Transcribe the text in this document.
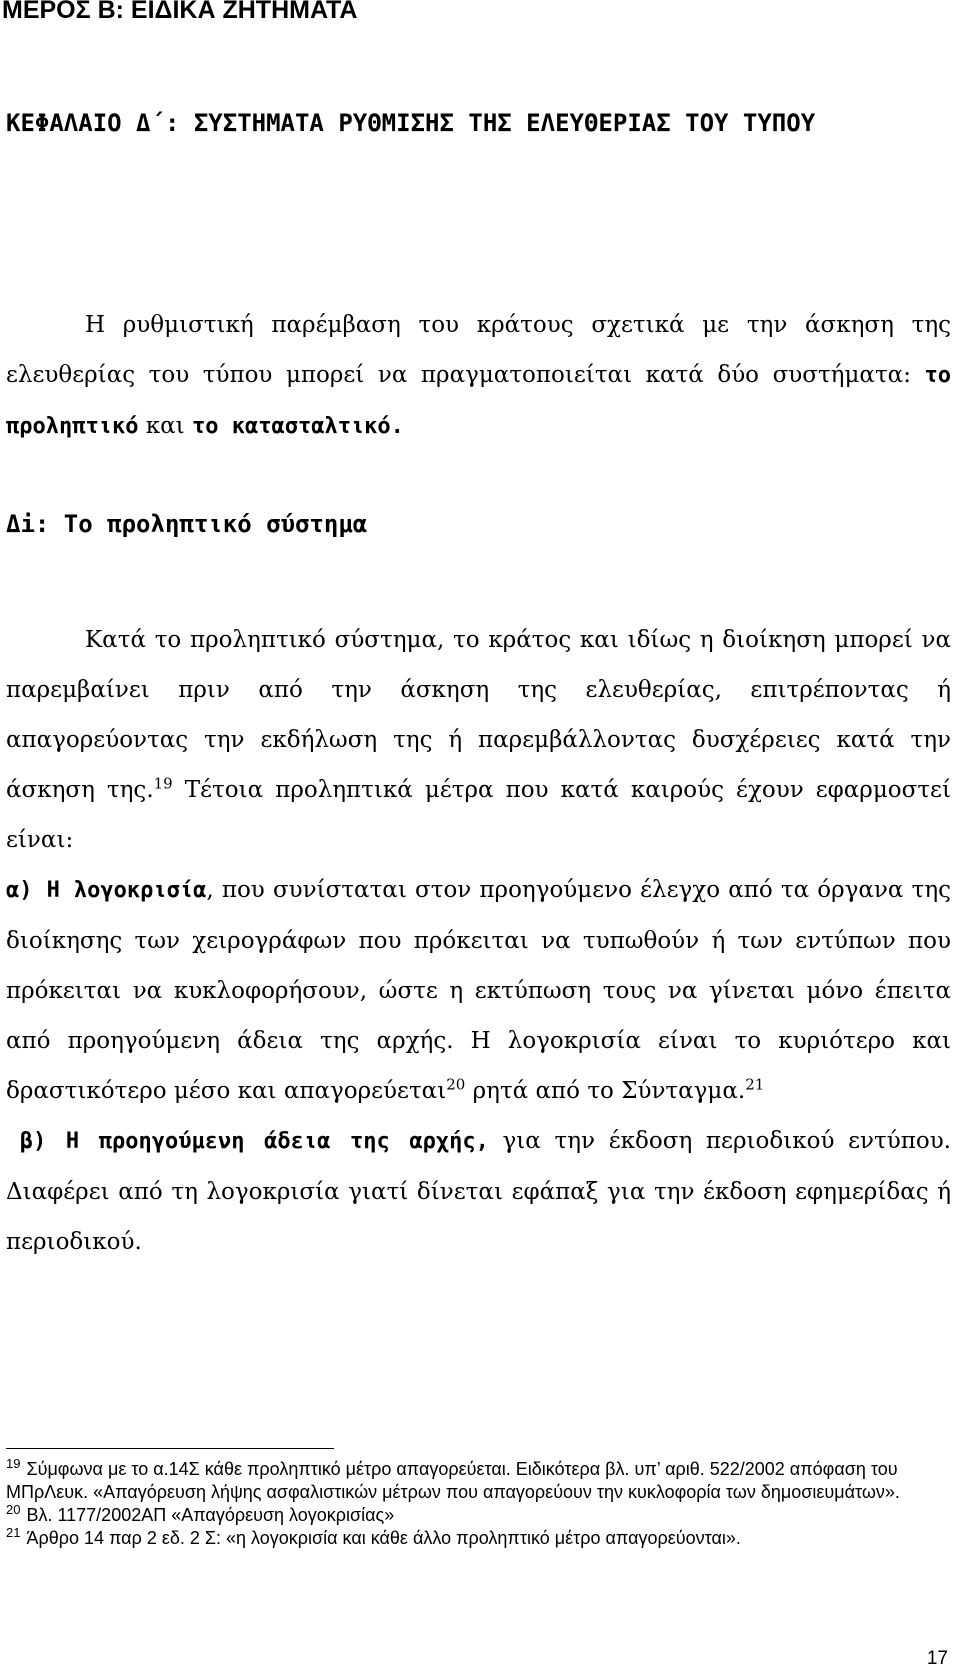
ΜΕΡΟΣ Β: ΕΙΔΙΚΑ ΖΗΤΗΜΑΤΑ
ΚΕΦΑΛΑΙΟ Δ΄: ΣΥΣΤΗΜΑΤΑ ΡΥΘΜΙΣΗΣ ΤΗΣ ΕΛΕΥΘΕΡΙΑΣ ΤΟΥ ΤΥΠΟΥ

Η ρυθμιστική παρέμβαση του κράτους σχετικά με την άσκηση της ελευθερίας του τύπου μπορεί να πραγματοποιείται κατά δύο συστήματα: το προληπτικό και το κατασταλτικό.

Δi: Το προληπτικό σύστημα

Κατά το προληπτικό σύστημα, το κράτος και ιδίως η διοίκηση μπορεί να παρεμβαίνει πριν από την άσκηση της ελευθερίας, επιτρέποντας ή απαγορεύοντας την εκδήλωση της ή παρεμβάλλοντας δυσχέρειες κατά την άσκηση της.$^{19}$ Τέτοια προληπτικά μέτρα που κατά καιρούς έχουν εφαρμοστεί είναι:
α) Η λογοκρισία, που συνίσταται στον προηγούμενο έλεγχο από τα όργανα της διοίκησης των χειρογράφων που πρόκειται να τυπωθούν ή των εντύπων που πρόκειται να κυκλοφορήσουν, ώστε η εκτύπωση τους να γίνεται μόνο έπειτα από προηγούμενη άδεια της αρχής. Η λογοκρισία είναι το κυριότερο και δραστικότερο μέσο και απαγορεύεται$^{20}$ ρητά από το Σύνταγμα.$^{21}$
β) Η προηγούμενη άδεια της αρχής, για την έκδοση περιοδικού εντύπου. Διαφέρει από τη λογοκρισία γιατί δίνεται εφάπαξ για την έκδοση εφημερίδας ή περιοδικού.

$^{19}$ Σύμφωνα με το α.14Σ κάθε προληπτικό μέτρο απαγορεύεται. Ειδικότερα βλ. υπ’ αριθ. 522/2002 απόφαση του ΜΠρΛευκ. «Απαγόρευση λήψης ασφαλιστικών μέτρων που απαγορεύουν την κυκλοφορία των δημοσιευμάτων».

$^{20}$ Βλ. 1177/2002ΑΠ «Απαγόρευση λογοκρισίας»

$^{21}$ Άρθρο 14 παρ 2 εδ. 2 Σ: «η λογοκρισία και κάθε άλλο προληπτικό μέτρο απαγορεύονται».

17
